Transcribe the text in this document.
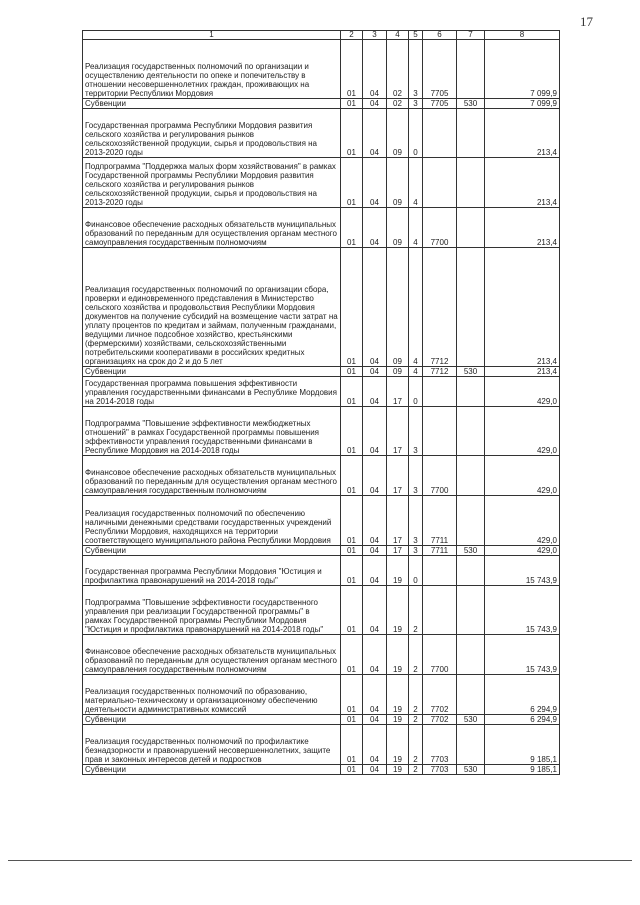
17
1	2	3	4	5	6	7	8
Реализация государственных полномочий по организации и осуществлению деятельности по опеке и попечительству в отношении несовершеннолетних граждан, проживающих на территории Республики Мордовия	01	04	02	3	7705		7 099,9
Субвенции	01	04	02	3	7705	530	7 099,9
Государственная программа Республики Мордовия развития сельского хозяйства и регулирования рынков сельскохозяйственной продукции, сырья и продовольствия на 2013-2020 годы	01	04	09	0			213,4
Подпрограмма "Поддержка малых форм хозяйствования" в рамках Государственной программы Республики Мордовия развития сельского хозяйства и регулирования рынков сельскохозяйственной продукции, сырья и продовольствия на 2013-2020 годы	01	04	09	4			213,4
Финансовое обеспечение расходных обязательств муниципальных образований по переданным для осуществления органам местного самоуправления государственным полномочиям	01	04	09	4	7700		213,4
Реализация государственных полномочий по организации сбора, проверки и единовременного представления в Министерство сельского хозяйства и продовольствия Республики Мордовия документов на получение субсидий на возмещение части затрат на уплату процентов по кредитам и займам, полученным гражданами, ведущими личное подсобное хозяйство, крестьянскими (фермерскими) хозяйствами, сельскохозяйственными потребительскими кооперативами в российских кредитных организациях на срок до 2 и до 5 лет	01	04	09	4	7712		213,4
Субвенции	01	04	09	4	7712	530	213,4
Государственная программа повышения эффективности управления государственными финансами в Республике Мордовия на 2014-2018 годы	01	04	17	0			429,0
Подпрограмма "Повышение эффективности межбюджетных отношений" в рамках Государственной программы повышения эффективности управления государственными финансами в Республике Мордовия на 2014-2018 годы	01	04	17	3			429,0
Финансовое обеспечение расходных обязательств муниципальных образований по переданным для осуществления органам местного самоуправления государственным полномочиям	01	04	17	3	7700		429,0
Реализация государственных полномочий по обеспечению наличными денежными средствами государственных учреждений Республики Мордовия, находящихся на территории соответствующего муниципального района Республики Мордовия	01	04	17	3	7711		429,0
Субвенции	01	04	17	3	7711	530	429,0
Государственная программа Республики Мордовия "Юстиция и профилактика правонарушений на 2014-2018 годы"	01	04	19	0			15 743,9
Подпрограмма "Повышение эффективности государственного управления при реализации Государственной программы" в рамках Государственной программы Республики Мордовия "Юстиция и профилактика правонарушений на 2014-2018 годы"	01	04	19	2			15 743,9
Финансовое обеспечение расходных обязательств муниципальных образований по переданным для осуществления органам местного самоуправления государственным полномочиям	01	04	19	2	7700		15 743,9
Реализация государственных полномочий по образованию, материально-техническому и организационному обеспечению деятельности административных комиссий	01	04	19	2	7702		6 294,9
Субвенции	01	04	19	2	7702	530	6 294,9
Реализация государственных полномочий по профилактике безнадзорности и правонарушений несовершеннолетних, защите прав и законных интересов детей и подростков	01	04	19	2	7703		9 185,1
Субвенции	01	04	19	2	7703	530	9 185,1
